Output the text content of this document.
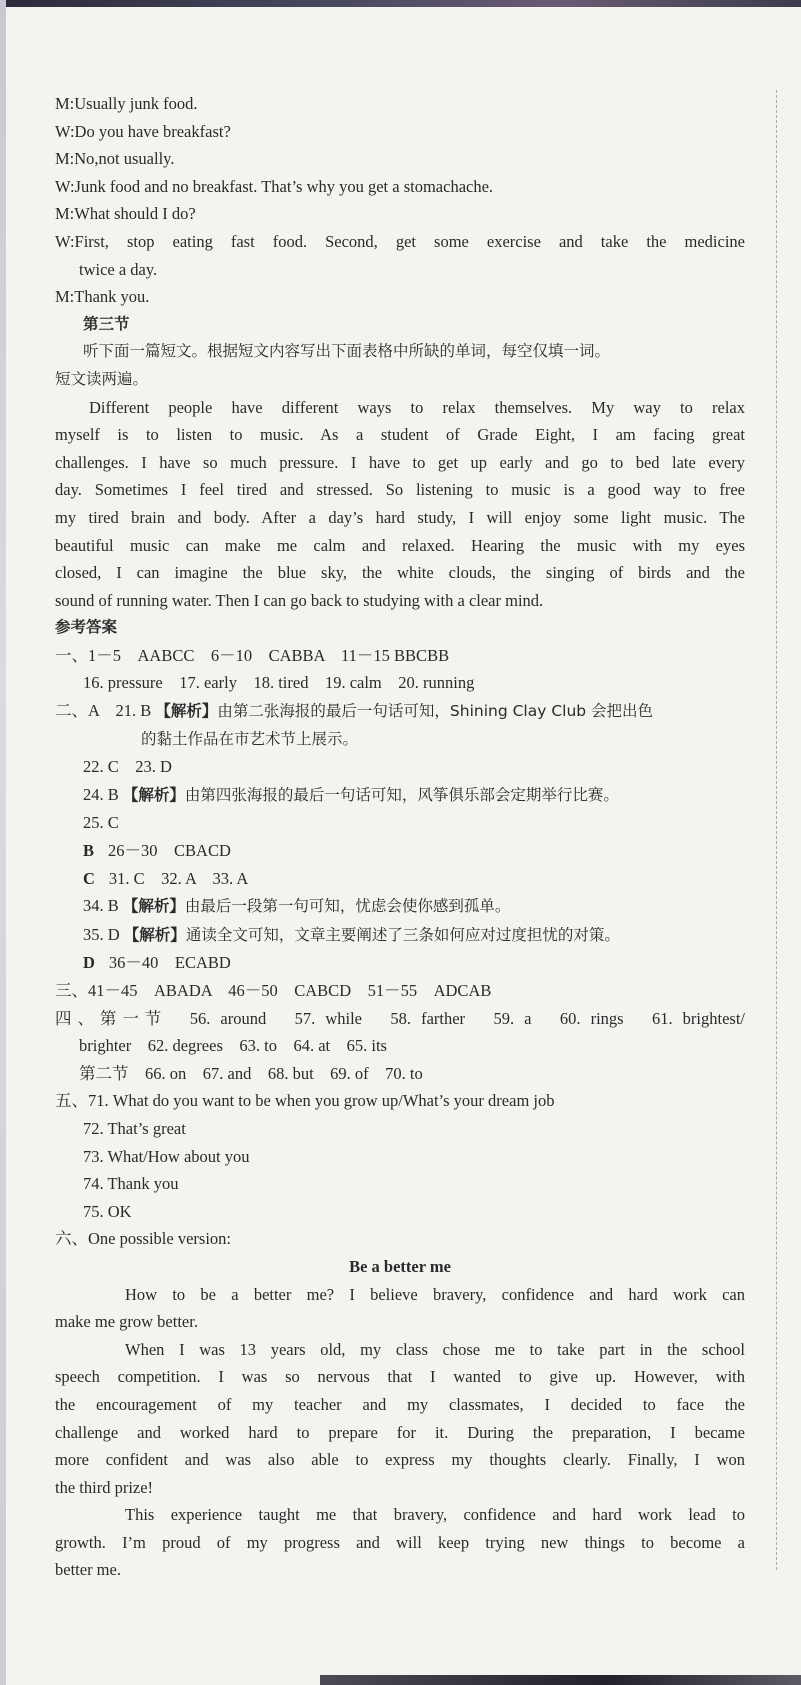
M:Usually junk food.
W:Do you have breakfast?
M:No,not usually.
W:Junk food and no breakfast. That’s why you get a stomachache.
M:What should I do?
W:First, stop eating fast food. Second, get some exercise and take the medicine
twice a day.
M:Thank you.
第三节
听下面一篇短文。根据短文内容写出下面表格中所缺的单词，每空仅填一词。
短文读两遍。
Different people have different ways to relax themselves. My way to relax
myself is to listen to music. As a student of Grade Eight, I am facing great
challenges. I have so much pressure. I have to get up early and go to bed late every
day. Sometimes I feel tired and stressed. So listening to music is a good way to free
my tired brain and body. After a day’s hard study, I will enjoy some light music. The
beautiful music can make me calm and relaxed. Hearing the music with my eyes
closed, I can imagine the blue sky, the white clouds, the singing of birds and the
sound of running water. Then I can go back to studying with a clear mind.
参考答案
一、1－5　AABCC　6－10　CABBA　11－15 BBCBB
16. pressure　17. early　18. tired　19. calm　20. running
二、A　21. B 【解析】由第二张海报的最后一句话可知，Shining Clay Club 会把出色
的黏土作品在市艺术节上展示。
22. C　23. D
24. B 【解析】由第四张海报的最后一句话可知，风筝俱乐部会定期举行比赛。
25. C
B 26－30　CBACD
C 31. C　32. A　33. A
34. B 【解析】由最后一段第一句可知，忧虑会使你感到孤单。
35. D 【解析】通读全文可知，文章主要阐述了三条如何应对过度担忧的对策。
D 36－40　ECABD
三、41－45　ABADA　46－50　CABCD　51－55　ADCAB
四、第一节　56. around　57. while　58. farther　59. a　60. rings　61. brightest/
brighter　62. degrees　63. to　64. at　65. its
第二节　66. on　67. and　68. but　69. of　70. to
五、71. What do you want to be when you grow up/What’s your dream job
72. That’s great
73. What/How about you
74. Thank you
75. OK
六、One possible version:
Be a better me
How to be a better me? I believe bravery, confidence and hard work can
make me grow better.
When I was 13 years old, my class chose me to take part in the school
speech competition. I was so nervous that I wanted to give up. However, with
the encouragement of my teacher and my classmates, I decided to face the
challenge and worked hard to prepare for it. During the preparation, I became
more confident and was also able to express my thoughts clearly. Finally, I won
the third prize!
This experience taught me that bravery, confidence and hard work lead to
growth. I’m proud of my progress and will keep trying new things to become a
better me.
